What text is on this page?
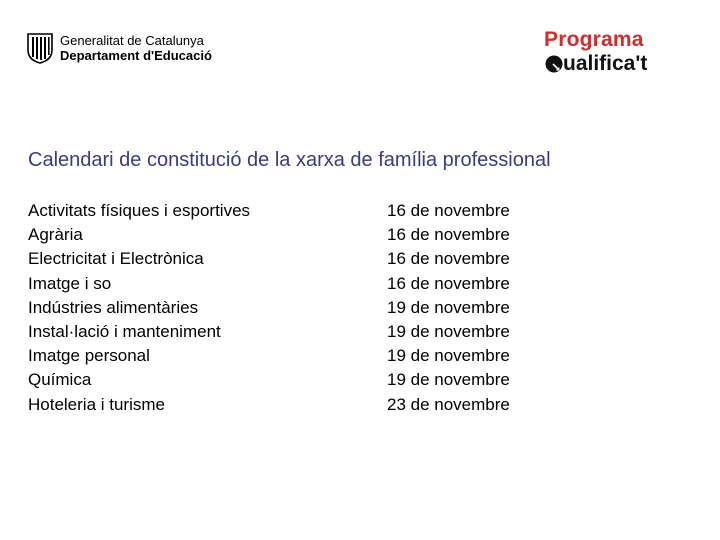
Generalitat de Catalunya
Departament d'Educació
Programa
ualifica't
Calendari de constitució de la xarxa de família professional
Activitats físiques i esportives	16 de novembre
Agrària	16 de novembre
Electricitat i Electrònica	16 de novembre
Imatge i so	16 de novembre
Indústries alimentàries	19 de novembre
Instal·lació i manteniment	19 de novembre
Imatge personal	19 de novembre
Química	19 de novembre
Hoteleria i turisme	23 de novembre
